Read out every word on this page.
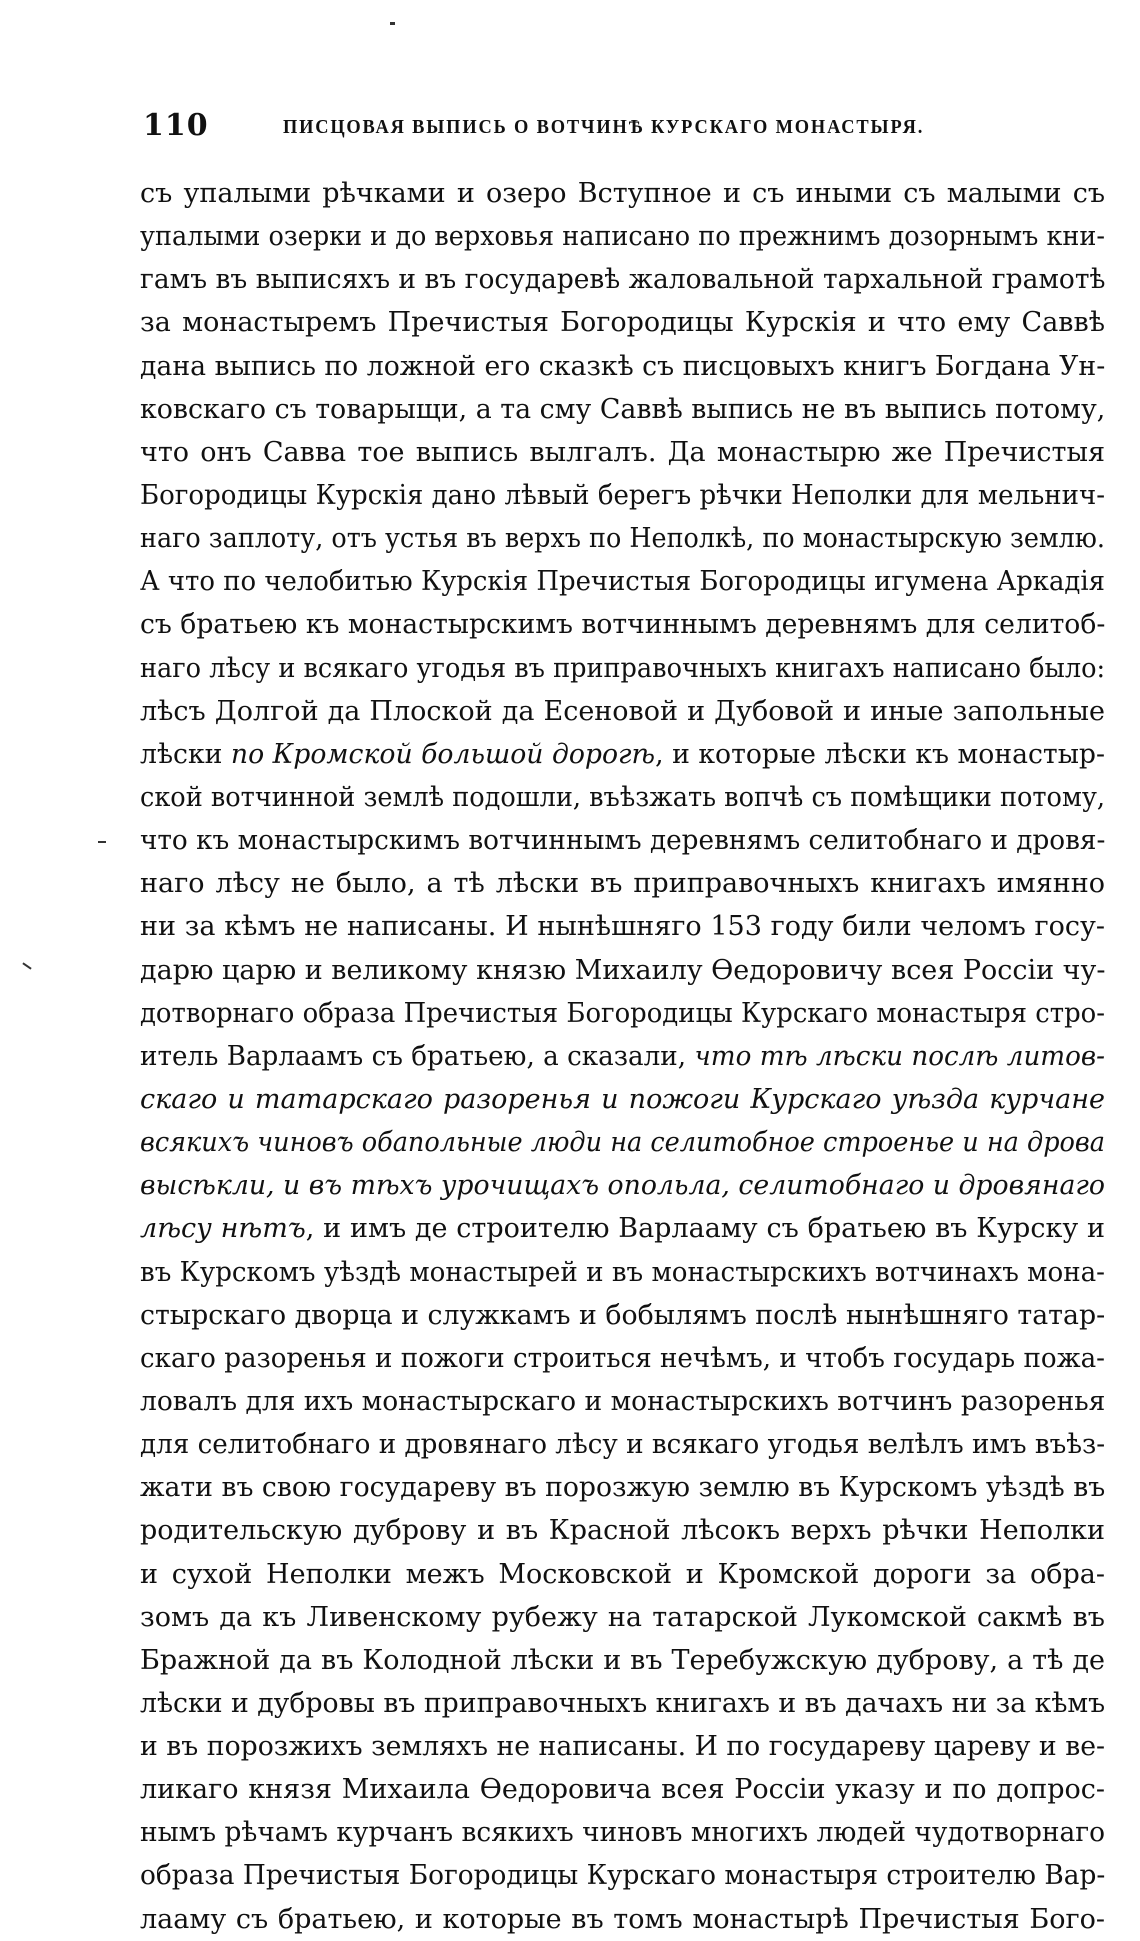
110	ПИСЦОВАЯ ВЫПИСЬ О ВОТЧИНѢ КУРСКАГО МОНАСТЫРЯ.
съ упалыми рѣчками и озеро Вступное и съ иными съ малыми съ
упалыми озерки и до верховья написано по прежнимъ дозорнымъ кни-
гамъ въ выписяхъ и въ государевѣ жаловальной тархальной грамотѣ
за монастыремъ Пречистыя Богородицы Курскія и что ему Саввѣ
дана выпись по ложной его сказкѣ съ писцовыхъ книгъ Богдана Ун-
ковскаго съ товарыщи, а та сму Саввѣ выпись не въ выпись потому,
что онъ Савва тое выпись вылгалъ. Да монастырю же Пречистыя
Богородицы Курскія дано лѣвый берегъ рѣчки Неполки для мельнич-
наго заплоту, отъ устья въ верхъ по Неполкѣ, по монастырскую землю.
А что по челобитью Курскія Пречистыя Богородицы игумена Аркадія
съ братьею къ монастырскимъ вотчиннымъ деревнямъ для селитоб-
наго лѣсу и всякаго угодья въ приправочныхъ книгахъ написано было:
лѣсъ Долгой да Плоской да Есеновой и Дубовой и иные запольные
лѣски по Кромской большой дорогѣ, и которые лѣски къ монастыр-
ской вотчинной землѣ подошли, въѣзжать вопчѣ съ помѣщики потому,
что къ монастырскимъ вотчиннымъ деревнямъ селитобнаго и дровя-
наго лѣсу не было, а тѣ лѣски въ приправочныхъ книгахъ имянно
ни за кѣмъ не написаны. И нынѣшняго 153 году били челомъ госу-
дарю царю и великому князю Михаилу Ѳедоровичу всея Россіи чу-
дотворнаго образа Пречистыя Богородицы Курскаго монастыря стро-
итель Варлаамъ съ братьею, а сказали, что тѣ лѣски послѣ литов-
скаго и татарскаго разоренья и пожоги Курскаго уѣзда курчане
всякихъ чиновъ обапольные люди на селитобное строенье и на дрова
высѣкли, и въ тѣхъ урочищахъ опольла, селитобнаго и дровянаго
лѣсу нѣтъ, и имъ де строителю Варлааму съ братьею въ Курску и
въ Курскомъ уѣздѣ монастырей и въ монастырскихъ вотчинахъ мона-
стырскаго дворца и служкамъ и бобылямъ послѣ нынѣшняго татар-
скаго разоренья и пожоги строиться нечѣмъ, и чтобъ государь пожа-
ловалъ для ихъ монастырскаго и монастырскихъ вотчинъ разоренья
для селитобнаго и дровянаго лѣсу и всякаго угодья велѣлъ имъ въѣз-
жати въ свою государеву въ порозжую землю въ Курскомъ уѣздѣ въ
родительскую дуброву и въ Красной лѣсокъ верхъ рѣчки Неполки
и сухой Неполки межъ Московской и Кромской дороги за обра-
зомъ да къ Ливенскому рубежу на татарской Лукомской сакмѣ въ
Бражной да въ Колодной лѣски и въ Теребужскую дуброву, а тѣ де
лѣски и дубровы въ приправочныхъ книгахъ и въ дачахъ ни за кѣмъ
и въ порозжихъ земляхъ не написаны. И по государеву цареву и ве-
ликаго князя Михаила Ѳедоровича всея Россіи указу и по допрос-
нымъ рѣчамъ курчанъ всякихъ чиновъ многихъ людей чудотворнаго
образа Пречистыя Богородицы Курскаго монастыря строителю Вар-
лааму съ братьею, и которые въ томъ монастырѣ Пречистыя Бого-
